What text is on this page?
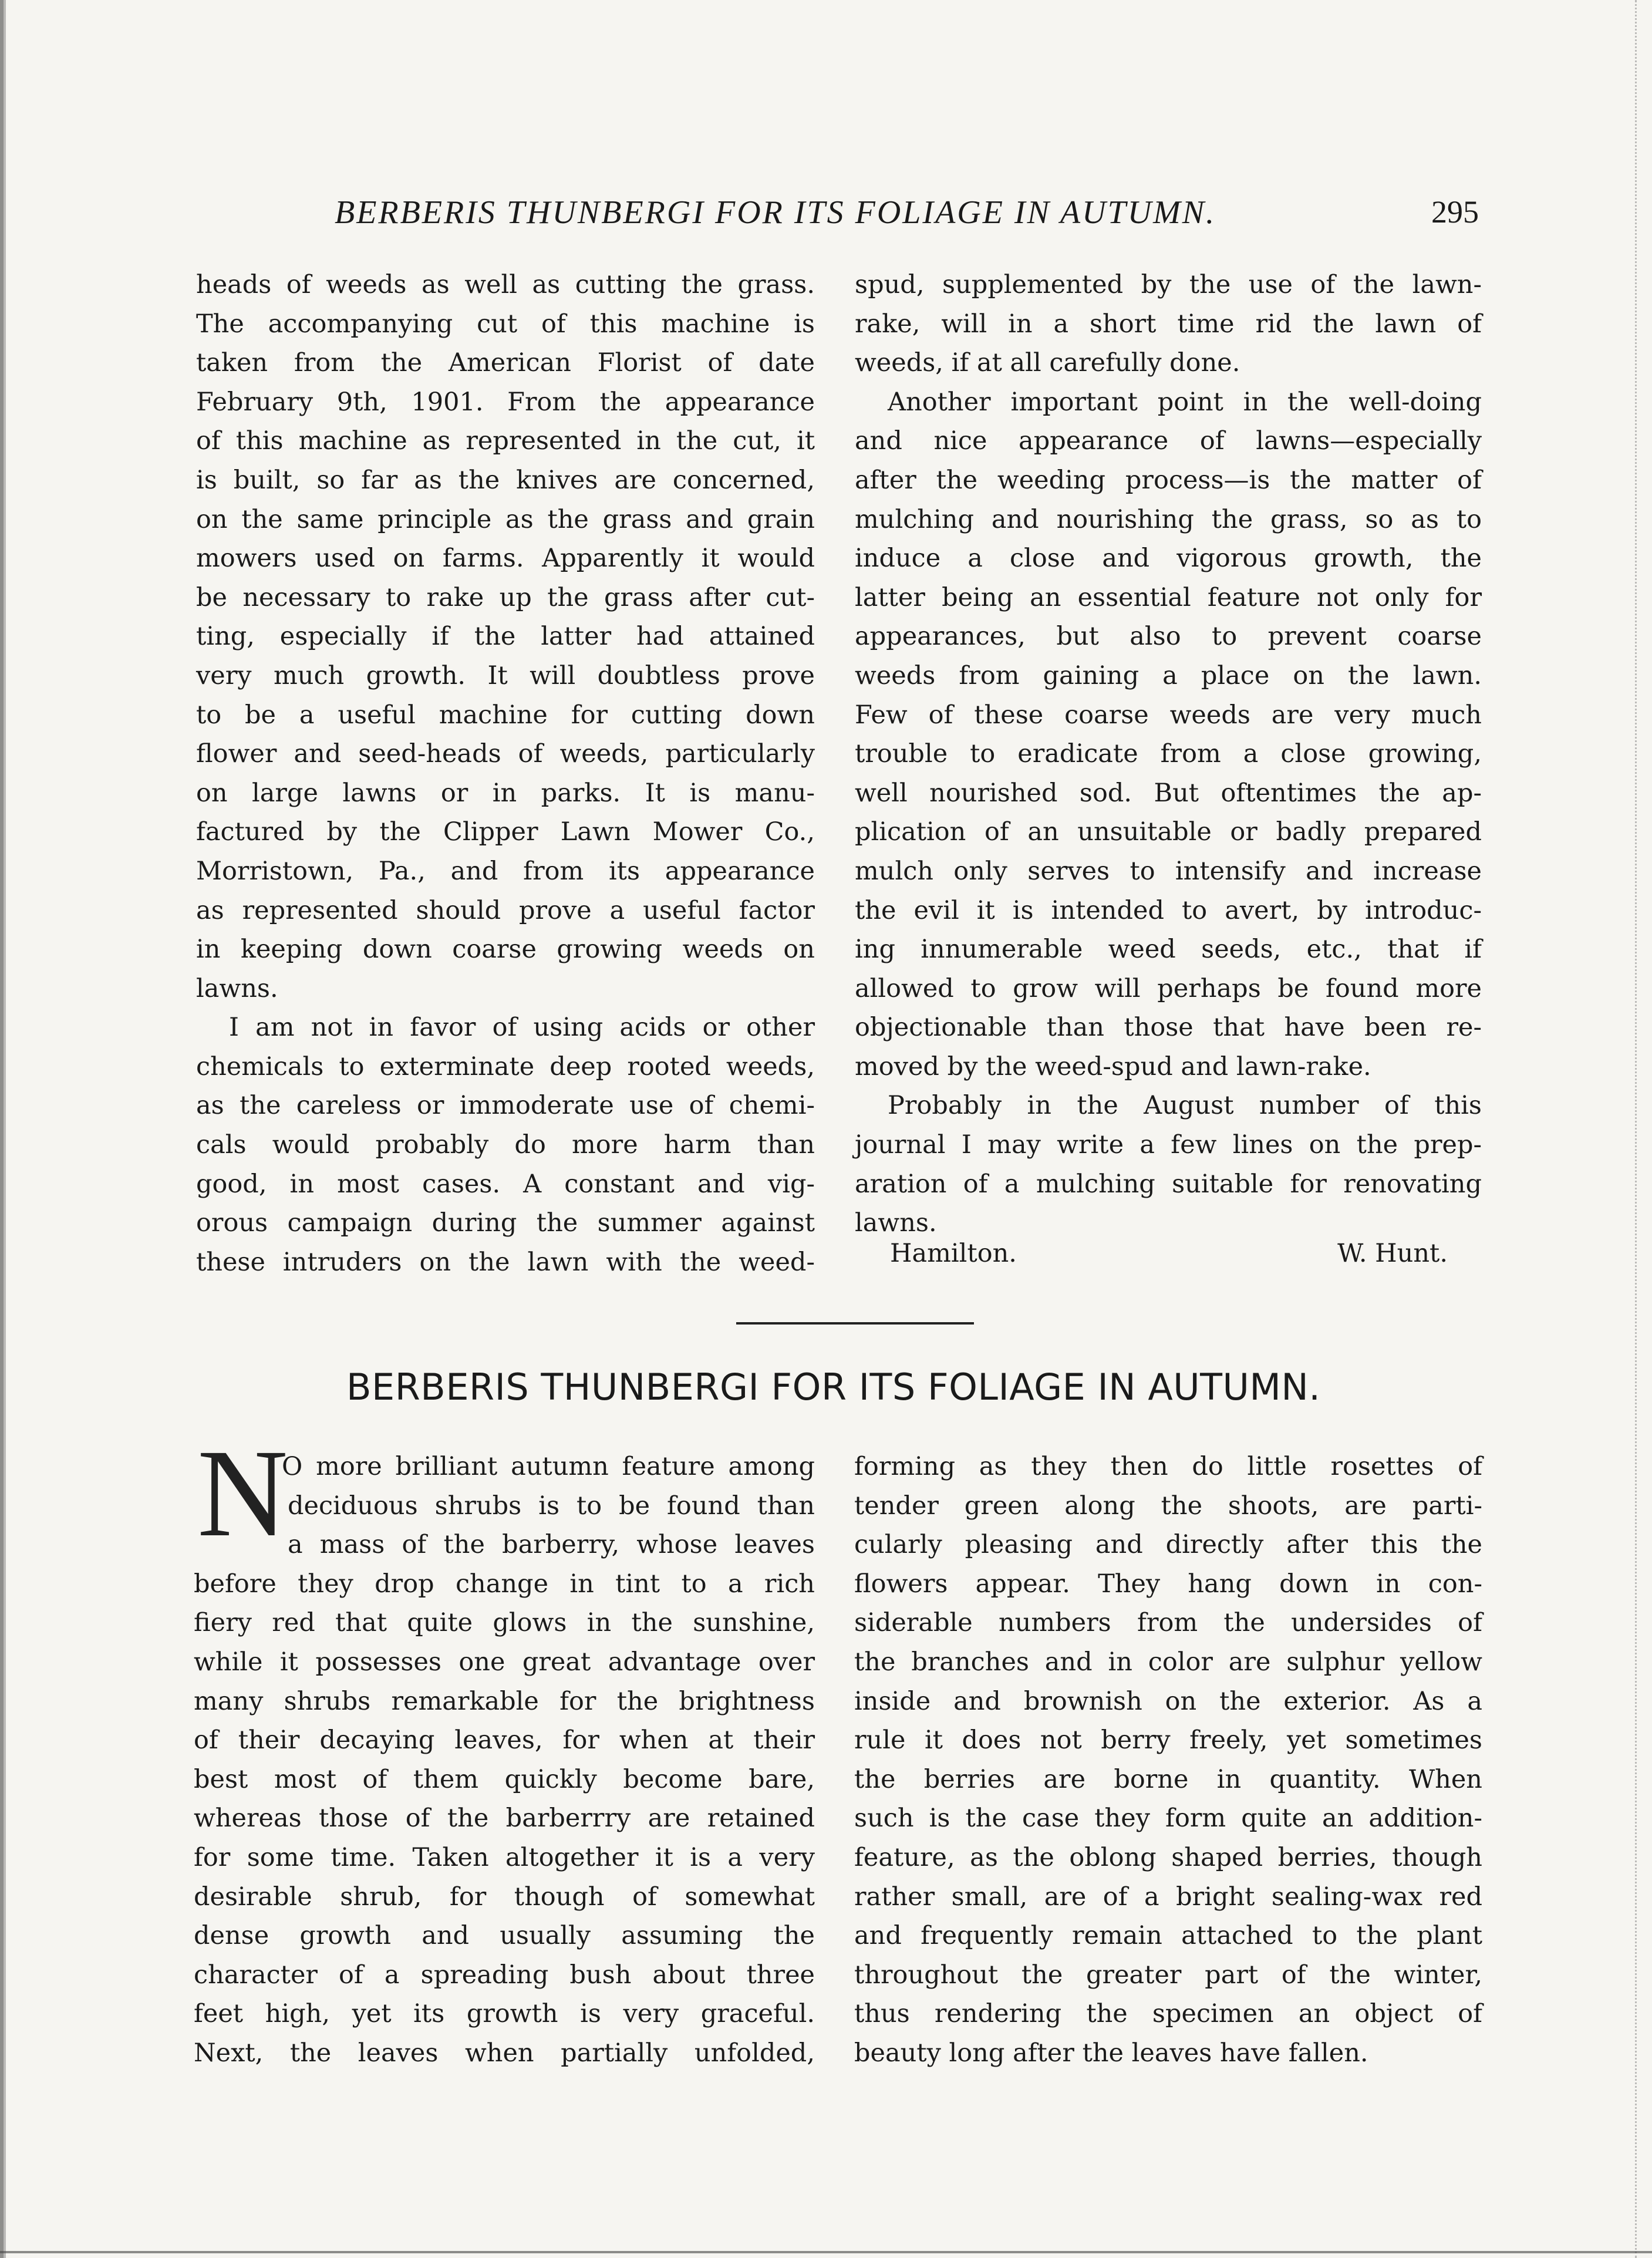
BERBERIS THUNBERGI FOR ITS FOLIAGE IN AUTUMN.	295
heads of weeds as well as cutting the grass.
The accompanying cut of this machine is
taken from the American Florist of date
February 9th, 1901. From the appearance
of this machine as represented in the cut, it
is built, so far as the knives are concerned,
on the same principle as the grass and grain
mowers used on farms. Apparently it would
be necessary to rake up the grass after cut-
ting, especially if the latter had attained
very much growth. It will doubtless prove
to be a useful machine for cutting down
flower and seed-heads of weeds, particularly
on large lawns or in parks. It is manu-
factured by the Clipper Lawn Mower Co.,
Morristown, Pa., and from its appearance
as represented should prove a useful factor
in keeping down coarse growing weeds on
lawns.
I am not in favor of using acids or other
chemicals to exterminate deep rooted weeds,
as the careless or immoderate use of chemi-
cals would probably do more harm than
good, in most cases. A constant and vig-
orous campaign during the summer against
these intruders on the lawn with the weed-
spud, supplemented by the use of the lawn-
rake, will in a short time rid the lawn of
weeds, if at all carefully done.
Another important point in the well-doing
and nice appearance of lawns—especially
after the weeding process—is the matter of
mulching and nourishing the grass, so as to
induce a close and vigorous growth, the
latter being an essential feature not only for
appearances, but also to prevent coarse
weeds from gaining a place on the lawn.
Few of these coarse weeds are very much
trouble to eradicate from a close growing,
well nourished sod. But oftentimes the ap-
plication of an unsuitable or badly prepared
mulch only serves to intensify and increase
the evil it is intended to avert, by introduc-
ing innumerable weed seeds, etc., that if
allowed to grow will perhaps be found more
objectionable than those that have been re-
moved by the weed-spud and lawn-rake.
Probably in the August number of this
journal I may write a few lines on the prep-
aration of a mulching suitable for renovating
lawns.
Hamilton.	W. Hunt.
BERBERIS THUNBERGI FOR ITS FOLIAGE IN AUTUMN.
N
O more brilliant autumn feature among
deciduous shrubs is to be found than
a mass of the barberry, whose leaves
before they drop change in tint to a rich
fiery red that quite glows in the sunshine,
while it possesses one great advantage over
many shrubs remarkable for the brightness
of their decaying leaves, for when at their
best most of them quickly become bare,
whereas those of the barberrry are retained
for some time. Taken altogether it is a very
desirable shrub, for though of somewhat
dense growth and usually assuming the
character of a spreading bush about three
feet high, yet its growth is very graceful.
Next, the leaves when partially unfolded,
forming as they then do little rosettes of
tender green along the shoots, are parti-
cularly pleasing and directly after this the
flowers appear. They hang down in con-
siderable numbers from the undersides of
the branches and in color are sulphur yellow
inside and brownish on the exterior. As a
rule it does not berry freely, yet sometimes
the berries are borne in quantity. When
such is the case they form quite an addition-
feature, as the oblong shaped berries, though
rather small, are of a bright sealing-wax red
and frequently remain attached to the plant
throughout the greater part of the winter,
thus rendering the specimen an object of
beauty long after the leaves have fallen.
